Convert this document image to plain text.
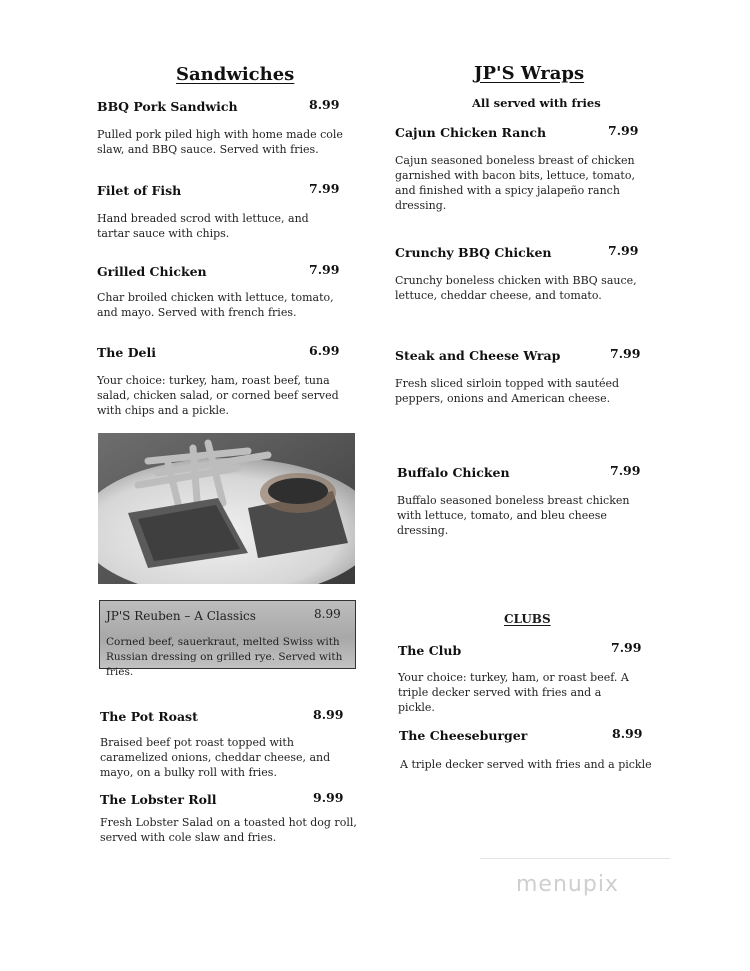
Sandwiches
BBQ Pork Sandwich	8.99
Pulled pork piled high with home made cole slaw, and BBQ sauce. Served with fries.
Filet of Fish	7.99
Hand breaded scrod with lettuce, and tartar sauce with chips.
Grilled Chicken	7.99
Char broiled chicken with lettuce, tomato, and mayo. Served with french fries.
The Deli	6.99
Your choice: turkey, ham, roast beef, tuna salad, chicken salad, or corned beef served with chips and a pickle.
JP'S Reuben – A Classics	8.99
Corned beef, sauerkraut, melted Swiss with Russian dressing on grilled rye. Served with fries.
The Pot Roast	8.99
Braised beef pot roast topped with caramelized onions, cheddar cheese, and mayo, on a bulky roll with fries.
The Lobster Roll	9.99
Fresh Lobster Salad on a toasted hot dog roll, served with cole slaw and fries.
JP'S Wraps
All served with fries
Cajun Chicken Ranch	7.99
Cajun seasoned boneless breast of chicken garnished with bacon bits, lettuce, tomato, and finished with a spicy jalapeño ranch dressing.
Crunchy BBQ Chicken	7.99
Crunchy boneless chicken with BBQ sauce, lettuce, cheddar cheese, and tomato.
Steak and Cheese Wrap	7.99
Fresh sliced sirloin topped with sautéed peppers, onions and American cheese.
Buffalo Chicken	7.99
Buffalo seasoned boneless breast chicken with lettuce, tomato, and bleu cheese dressing.
CLUBS
The Club	7.99
Your choice: turkey, ham, or roast beef. A triple decker served with fries and a pickle.
The Cheeseburger	8.99
A triple decker served with fries and a pickle
menupix
